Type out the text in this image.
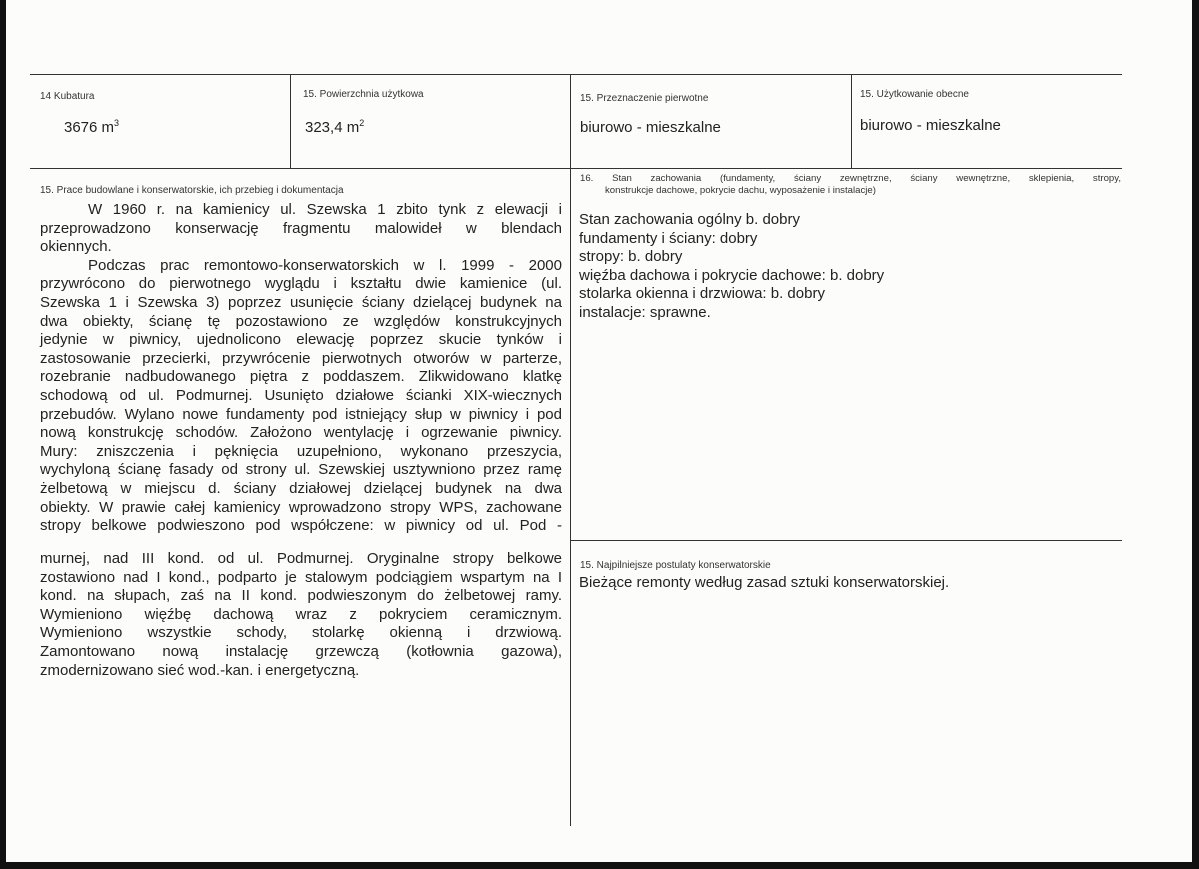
14 Kubatura
3676 $m^3$
15. Powierzchnia użytkowa
323,4 $m^2$
15. Przeznaczenie pierwotne
biurowo - mieszkalne
15. Użytkowanie obecne
biurowo - mieszkalne
15. Prace budowlane i konserwatorskie, ich przebieg i dokumentacja
W 1960 r. na kamienicy ul. Szewska 1 zbito tynk z elewacji i
przeprowadzono konserwację fragmentu malowideł w blendach
okiennych.
Podczas prac remontowo-konserwatorskich w l. 1999 - 2000
przywrócono do pierwotnego wyglądu i kształtu dwie kamienice (ul.
Szewska 1 i Szewska 3) poprzez usunięcie ściany dzielącej budynek na
dwa obiekty, ścianę tę pozostawiono ze względów konstrukcyjnych
jedynie w piwnicy, ujednolicono elewację poprzez skucie tynków i
zastosowanie przecierki, przywrócenie pierwotnych otworów w parterze,
rozebranie nadbudowanego piętra z poddaszem. Zlikwidowano klatkę
schodową od ul. Podmurnej. Usunięto działowe ścianki XIX-wiecznych
przebudów. Wylano nowe fundamenty pod istniejący słup w piwnicy i pod
nową konstrukcję schodów. Założono wentylację i ogrzewanie piwnicy.
Mury: zniszczenia i pęknięcia uzupełniono, wykonano przeszycia,
wychyloną ścianę fasady od strony ul. Szewskiej usztywniono przez ramę
żelbetową w miejscu d. ściany działowej dzielącej budynek na dwa
obiekty. W prawie całej kamienicy wprowadzono stropy WPS, zachowane
stropy belkowe podwieszono pod współczene: w piwnicy od ul. Pod -
murnej, nad III kond. od ul. Podmurnej. Oryginalne stropy belkowe
zostawiono nad I kond., podparto je stalowym podciągiem wspartym na I
kond. na słupach, zaś na II kond. podwieszonym do żelbetowej ramy.
Wymieniono więźbę dachową wraz z pokryciem ceramicznym.
Wymieniono wszystkie schody, stolarkę okienną i drzwiową.
Zamontowano nową instalację grzewczą (kotłownia gazowa),
zmodernizowano sieć wod.-kan. i energetyczną.
16. Stan zachowania (fundamenty, ściany zewnętrzne, ściany wewnętrzne, sklepienia, stropy,
konstrukcje dachowe, pokrycie dachu, wyposażenie i instalacje)
Stan zachowania ogólny b. dobry
fundamenty i ściany: dobry
stropy: b. dobry
więźba dachowa i pokrycie dachowe: b. dobry
stolarka okienna i drzwiowa: b. dobry
instalacje: sprawne.
15. Najpilniejsze postulaty konserwatorskie
Bieżące remonty według zasad sztuki konserwatorskiej.
